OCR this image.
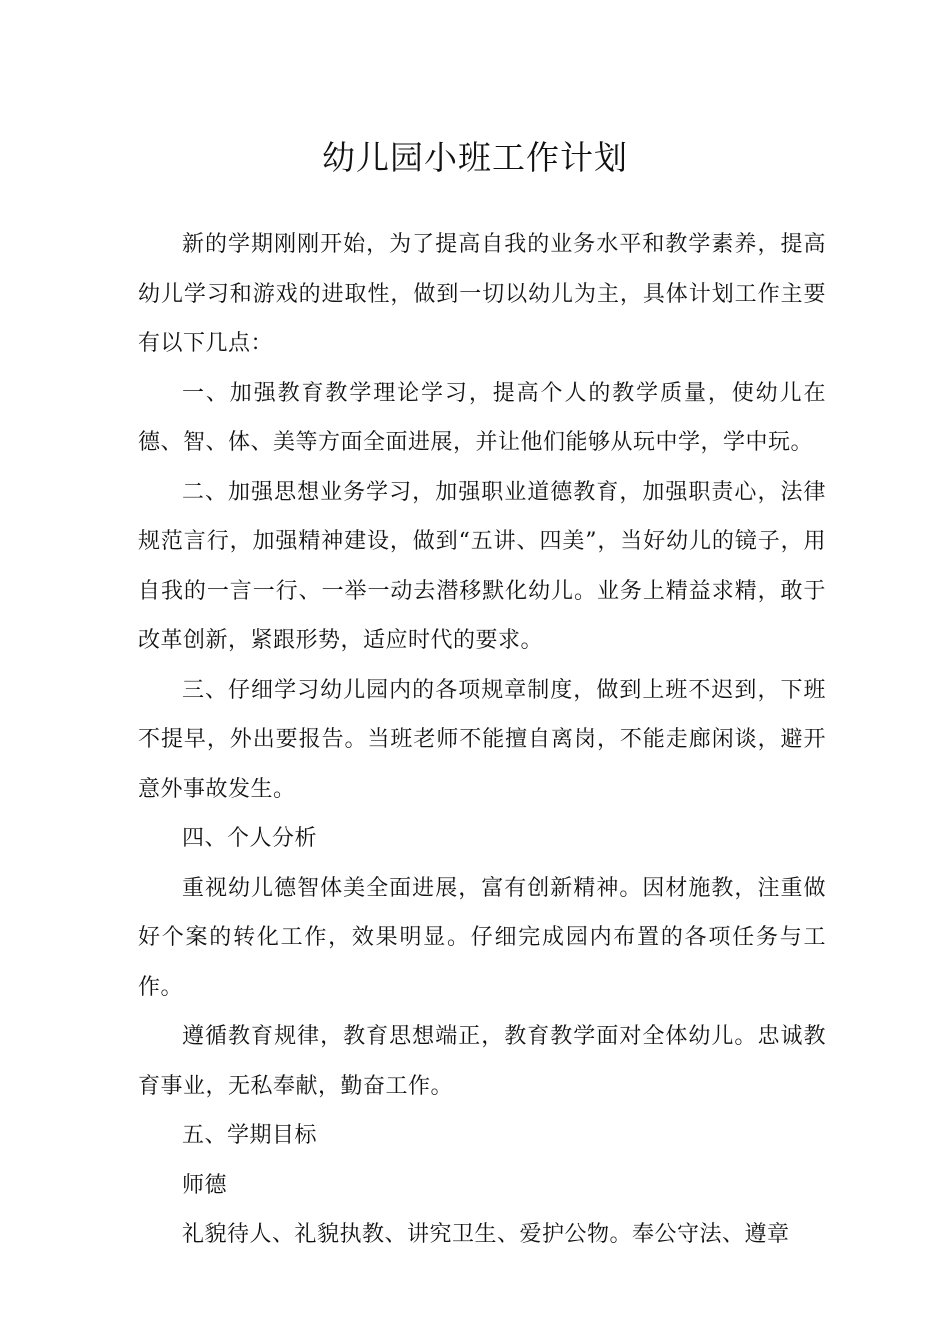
幼儿园小班工作计划

新的学期刚刚开始，为了提高自我的业务水平和教学素养，提高幼儿学习和游戏的进取性，做到一切以幼儿为主，具体计划工作主要有以下几点：

一、加强教育教学理论学习，提高个人的教学质量，使幼儿在德、智、体、美等方面全面进展，并让他们能够从玩中学，学中玩。

二、加强思想业务学习，加强职业道德教育，加强职责心，法律规范言行，加强精神建设，做到“五讲、四美”，当好幼儿的镜子，用自我的一言一行、一举一动去潜移默化幼儿。业务上精益求精，敢于改革创新，紧跟形势，适应时代的要求。

三、仔细学习幼儿园内的各项规章制度，做到上班不迟到，下班不提早，外出要报告。当班老师不能擅自离岗，不能走廊闲谈，避开意外事故发生。

四、个人分析

重视幼儿德智体美全面进展，富有创新精神。因材施教，注重做好个案的转化工作，效果明显。仔细完成园内布置的各项任务与工作。

遵循教育规律，教育思想端正，教育教学面对全体幼儿。忠诚教育事业，无私奉献，勤奋工作。

五、学期目标

师德

礼貌待人、礼貌执教、讲究卫生、爱护公物。奉公守法、遵章
